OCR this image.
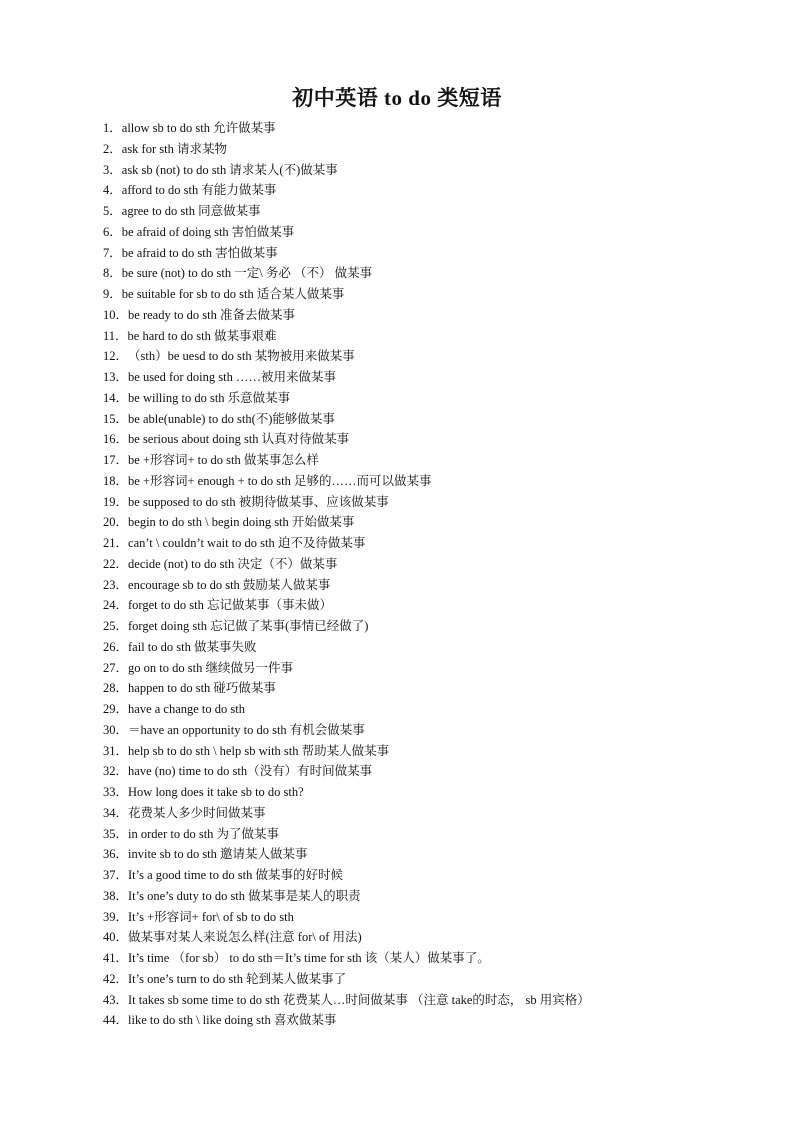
初中英语 to do 类短语
1． allow sb to do sth 允许做某事
2． ask for sth 请求某物
3． ask sb (not) to do sth 请求某人(不)做某事
4． afford to do sth 有能力做某事
5． agree to do sth 同意做某事
6． be afraid of doing sth 害怕做某事
7． be afraid to do sth 害怕做某事
8． be sure (not) to do sth 一定\ 务必 （不） 做某事
9． be suitable for sb to do sth 适合某人做某事
10． be ready to do sth 准备去做某事
11． be hard to do sth 做某事艰难
12． （sth）be uesd to do sth 某物被用来做某事
13． be used for doing sth ……被用来做某事
14． be willing to do sth 乐意做某事
15． be able(unable) to do sth(不)能够做某事
16． be serious about doing sth 认真对待做某事
17． be +形容词+ to do sth 做某事怎么样
18． be +形容词+ enough + to do sth 足够的……而可以做某事
19． be supposed to do sth 被期待做某事、应该做某事
20． begin to do sth \ begin doing sth 开始做某事
21． can’t \ couldn’t wait to do sth 迫不及待做某事
22． decide (not) to do sth 决定（不）做某事
23． encourage sb to do sth 鼓励某人做某事
24． forget to do sth 忘记做某事（事未做）
25． forget doing sth 忘记做了某事(事情已经做了)
26． fail to do sth 做某事失败
27． go on to do sth 继续做另一件事
28． happen to do sth 碰巧做某事
29． have a change to do sth
30． ＝have an opportunity to do sth 有机会做某事
31． help sb to do sth \ help sb with sth 帮助某人做某事
32． have (no) time to do sth（没有）有时间做某事
33． How long does it take sb to do sth?
34． 花费某人多少时间做某事
35． in order to do sth 为了做某事
36． invite sb to do sth 邀请某人做某事
37． It’s a good time to do sth 做某事的好时候
38． It’s one’s duty to do sth 做某事是某人的职责
39． It’s +形容词+ for\ of sb to do sth
40． 做某事对某人来说怎么样(注意 for\ of 用法)
41． It’s time （for sb） to do sth＝It’s time for sth 该（某人）做某事了。
42． It’s one’s turn to do sth 轮到某人做某事了
43． It takes sb some time to do sth 花费某人…时间做某事 （注意 take的时态， sb 用宾格）
44． like to do sth \ like doing sth 喜欢做某事
